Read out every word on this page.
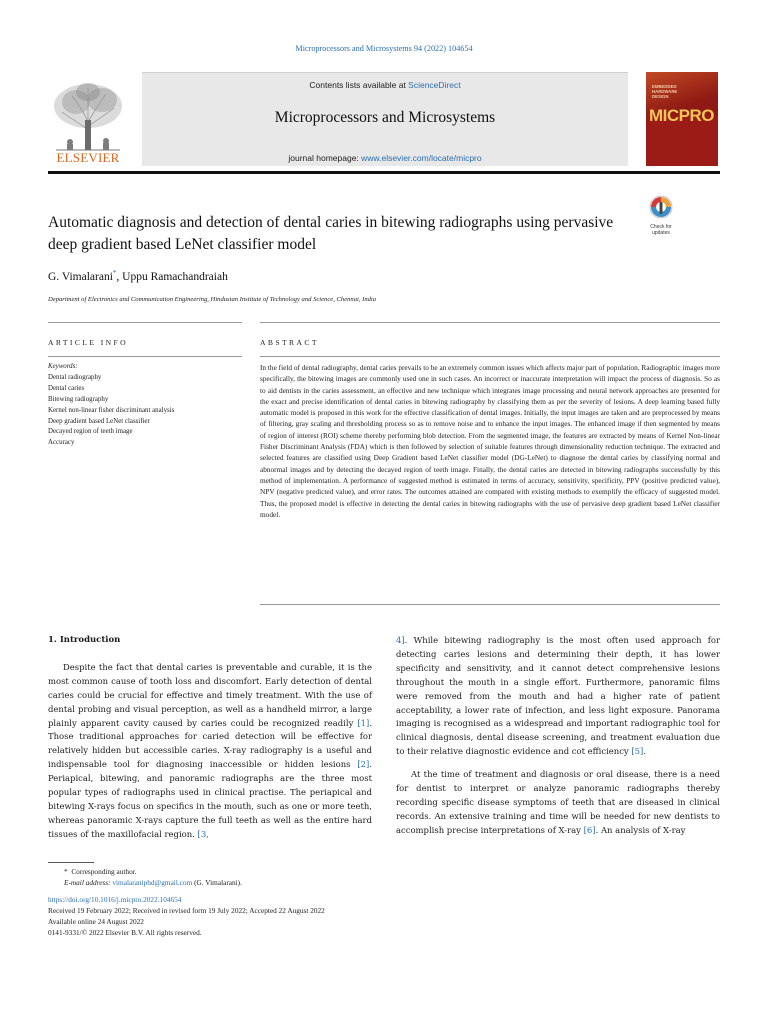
Microprocessors and Microsystems 94 (2022) 104654
ELSEVIER
Contents lists available at ScienceDirect
Microprocessors and Microsystems
journal homepage: www.elsevier.com/locate/micpro
EMBEDDED HARDWARE DESIGN
MICPRO
Automatic diagnosis and detection of dental caries in bitewing radiographs using pervasive deep gradient based LeNet classifier model
Check for updates
G. Vimalarani*, Uppu Ramachandraiah
Department of Electronics and Communication Engineering, Hindustan Institute of Technology and Science, Chennai, India
ARTICLE INFO	ABSTRACT
Keywords:
Dental radiography
Dental caries
Bitewing radiography
Kernel non-linear fisher discriminant analysis
Deep gradient based LeNet classifier
Decayed region of teeth image
Accuracy
In the field of dental radiography, dental caries prevails to be an extremely common issues which affects major part of population. Radiographic images more specifically, the bitewing images are commonly used one in such cases. An incorrect or inaccurate interpretation will impact the process of diagnosis. So as to aid dentists in the caries assessment, an effective and new technique which integrates image processing and neural network approaches are presented for the exact and precise identification of dental caries in bitewing radiography by classifying them as per the severity of lesions. A deep learning based fully automatic model is proposed in this work for the effective classification of dental images. Initially, the input images are taken and are preprocessed by means of filtering, gray scaling and thresholding process so as to remove noise and to enhance the input images. The enhanced image if then segmented by means of region of interest (ROI) scheme thereby performing blob detection. From the segmented image, the features are extracted by means of Kernel Non-linear Fisher Discriminant Analysis (FDA) which is then followed by selection of suitable features through dimensionality reduction technique. The extracted and selected features are classified using Deep Gradient based LeNet classifier model (DG-LeNet) to diagnose the dental caries by classifying normal and abnormal images and by detecting the decayed region of teeth image. Finally, the dental caries are detected in bitewing radiographs successfully by this method of implementation. A performance of suggested method is estimated in terms of accuracy, sensitivity, specificity, PPV (positive predicted value), NPV (negative predicted value), and error rates. The outcomes attained are compared with existing methods to exemplify the efficacy of suggested model. Thus, the proposed model is effective in detecting the dental caries in bitewing radiographs with the use of pervasive deep gradient based LeNet classifier model.
1. Introduction

Despite the fact that dental caries is preventable and curable, it is the most common cause of tooth loss and discomfort. Early detection of dental caries could be crucial for effective and timely treatment. With the use of dental probing and visual perception, as well as a handheld mirror, a large plainly apparent cavity caused by caries could be recognized readily [1]. Those traditional approaches for caried detection will be effective for relatively hidden but accessible caries. X-ray radiography is a useful and indispensable tool for diagnosing inaccessible or hidden lesions [2]. Periapical, bitewing, and panoramic radiographs are the three most popular types of radiographs used in clinical practise. The periapical and bitewing X-rays focus on specifics in the mouth, such as one or more teeth, whereas panoramic X-rays capture the full teeth as well as the entire hard tissues of the maxillofacial region. [3,

4]. While bitewing radiography is the most often used approach for detecting caries lesions and determining their depth, it has lower specificity and sensitivity, and it cannot detect comprehensive lesions throughout the mouth in a single effort. Furthermore, panoramic films were removed from the mouth and had a higher rate of patient acceptability, a lower rate of infection, and less light exposure. Panorama imaging is recognised as a widespread and important radiographic tool for clinical diagnosis, dental disease screening, and treatment evaluation due to their relative diagnostic evidence and cot efficiency [5].

At the time of treatment and diagnosis or oral disease, there is a need for dentist to interpret or analyze panoramic radiographs thereby recording specific disease symptoms of teeth that are diseased in clinical records. An extensive training and time will be needed for new dentists to accomplish precise interpretations of X-ray [6]. An analysis of X-ray

* Corresponding author.
E-mail address: vimalaraniphd@gmail.com (G. Vimalarani).
https://doi.org/10.1016/j.micpro.2022.104654
Received 19 February 2022; Received in revised form 19 July 2022; Accepted 22 August 2022
Available online 24 August 2022
0141-9331/© 2022 Elsevier B.V. All rights reserved.
